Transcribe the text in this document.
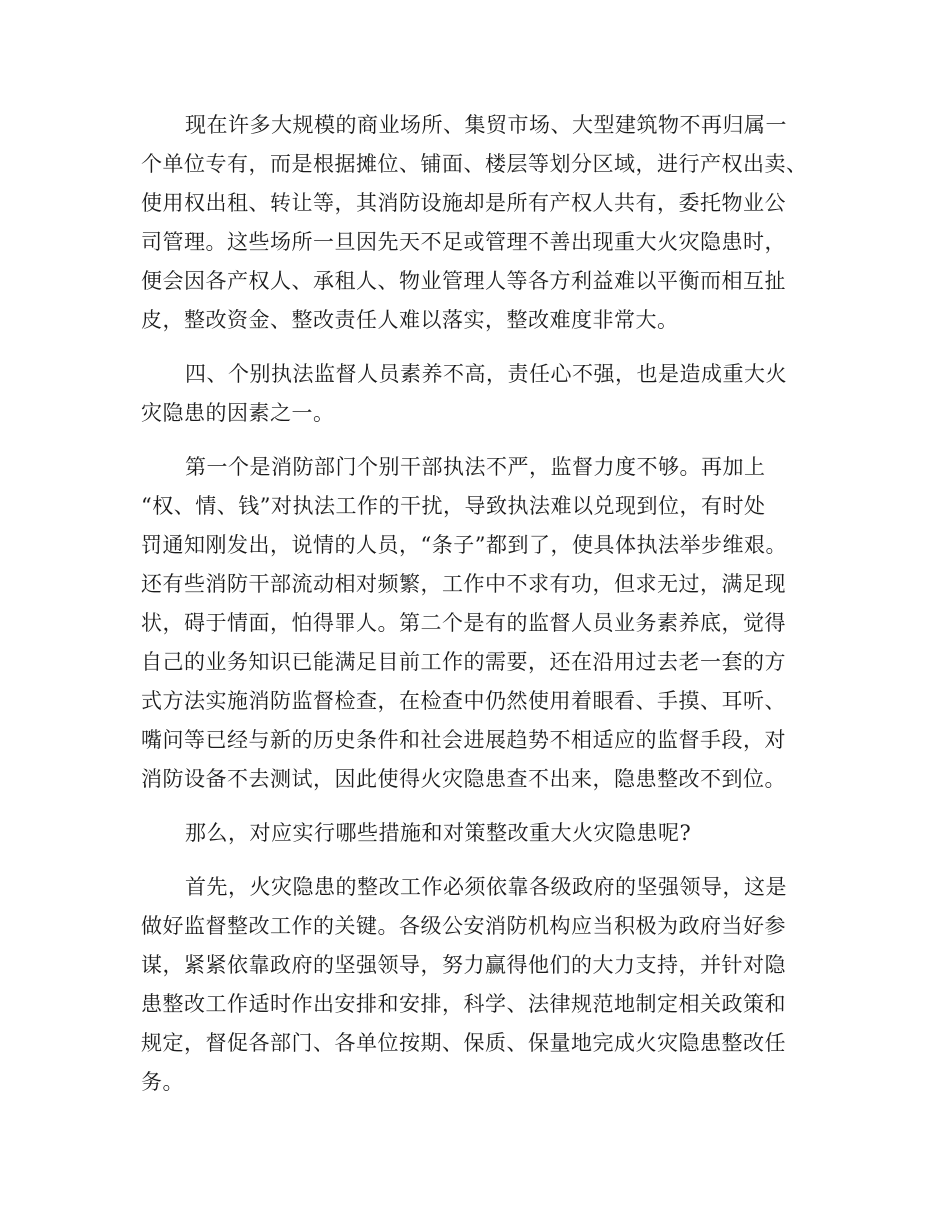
现在许多大规模的商业场所、集贸市场、大型建筑物不再归属一
个单位专有，而是根据摊位、铺面、楼层等划分区域，进行产权出卖、
使用权出租、转让等，其消防设施却是所有产权人共有，委托物业公
司管理。这些场所一旦因先天不足或管理不善出现重大火灾隐患时，
便会因各产权人、承租人、物业管理人等各方利益难以平衡而相互扯
皮，整改资金、整改责任人难以落实，整改难度非常大。
四、个别执法监督人员素养不高，责任心不强，也是造成重大火
灾隐患的因素之一。
第一个是消防部门个别干部执法不严，监督力度不够。再加上
“权、情、钱”对执法工作的干扰，导致执法难以兑现到位，有时处
罚通知刚发出，说情的人员，“条子”都到了，使具体执法举步维艰。
还有些消防干部流动相对频繁，工作中不求有功，但求无过，满足现
状，碍于情面，怕得罪人。第二个是有的监督人员业务素养底，觉得
自己的业务知识已能满足目前工作的需要，还在沿用过去老一套的方
式方法实施消防监督检查，在检查中仍然使用着眼看、手摸、耳听、
嘴问等已经与新的历史条件和社会进展趋势不相适应的监督手段，对
消防设备不去测试，因此使得火灾隐患查不出来，隐患整改不到位。
那么，对应实行哪些措施和对策整改重大火灾隐患呢?
首先，火灾隐患的整改工作必须依靠各级政府的坚强领导，这是
做好监督整改工作的关键。各级公安消防机构应当积极为政府当好参
谋，紧紧依靠政府的坚强领导，努力赢得他们的大力支持，并针对隐
患整改工作适时作出安排和安排，科学、法律规范地制定相关政策和
规定，督促各部门、各单位按期、保质、保量地完成火灾隐患整改任
务。
